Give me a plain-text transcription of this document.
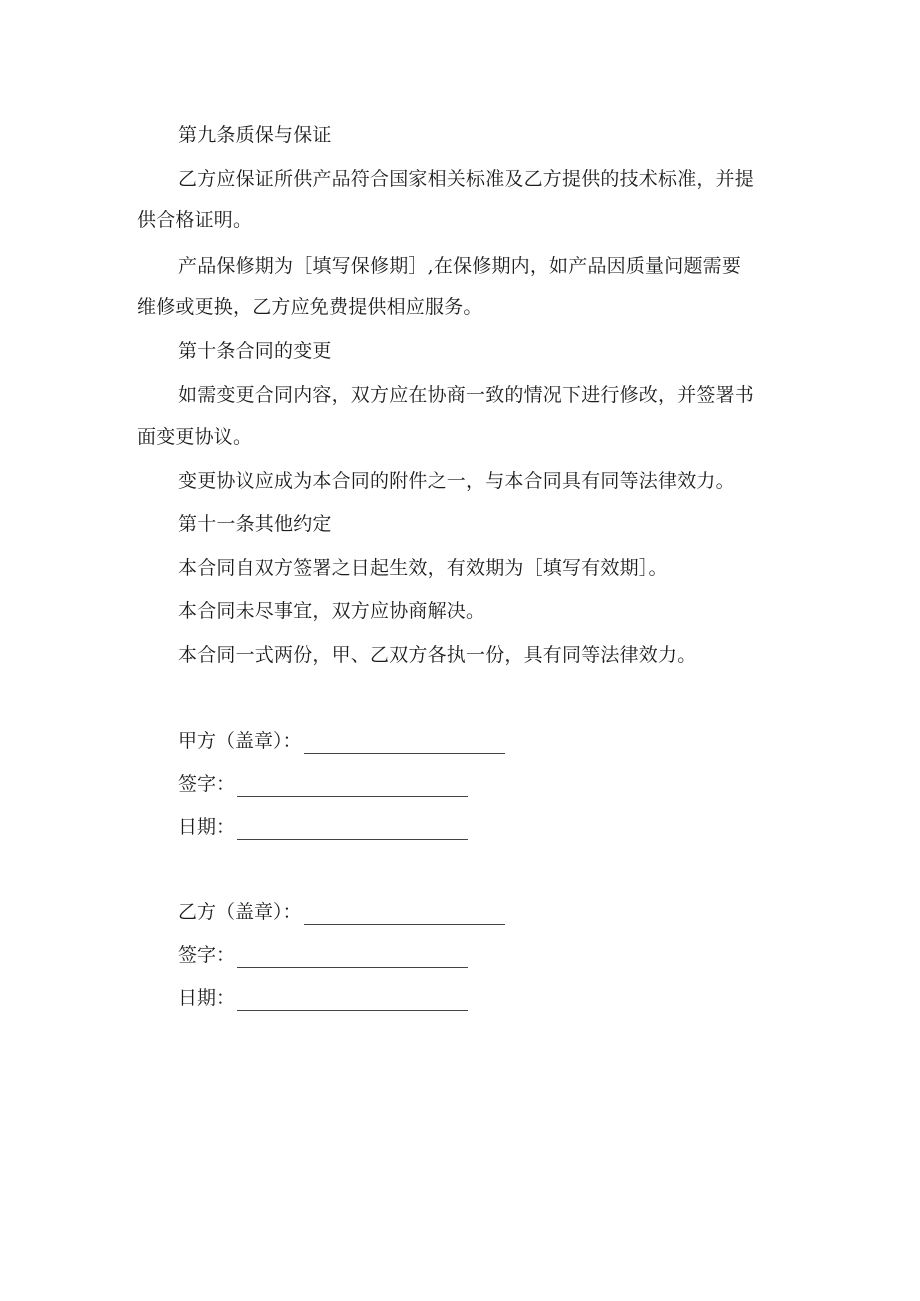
第九条质保与保证
乙方应保证所供产品符合国家相关标准及乙方提供的技术标准，并提
供合格证明。
产品保修期为［填写保修期］,在保修期内，如产品因质量问题需要
维修或更换，乙方应免费提供相应服务。
第十条合同的变更
如需变更合同内容，双方应在协商一致的情况下进行修改，并签署书
面变更协议。
变更协议应成为本合同的附件之一，与本合同具有同等法律效力。
第十一条其他约定
本合同自双方签署之日起生效，有效期为［填写有效期］。
本合同未尽事宜，双方应协商解决。
本合同一式两份，甲、乙双方各执一份，具有同等法律效力。
甲方（盖章）：
签字：
日期：
乙方（盖章）：
签字：
日期：
